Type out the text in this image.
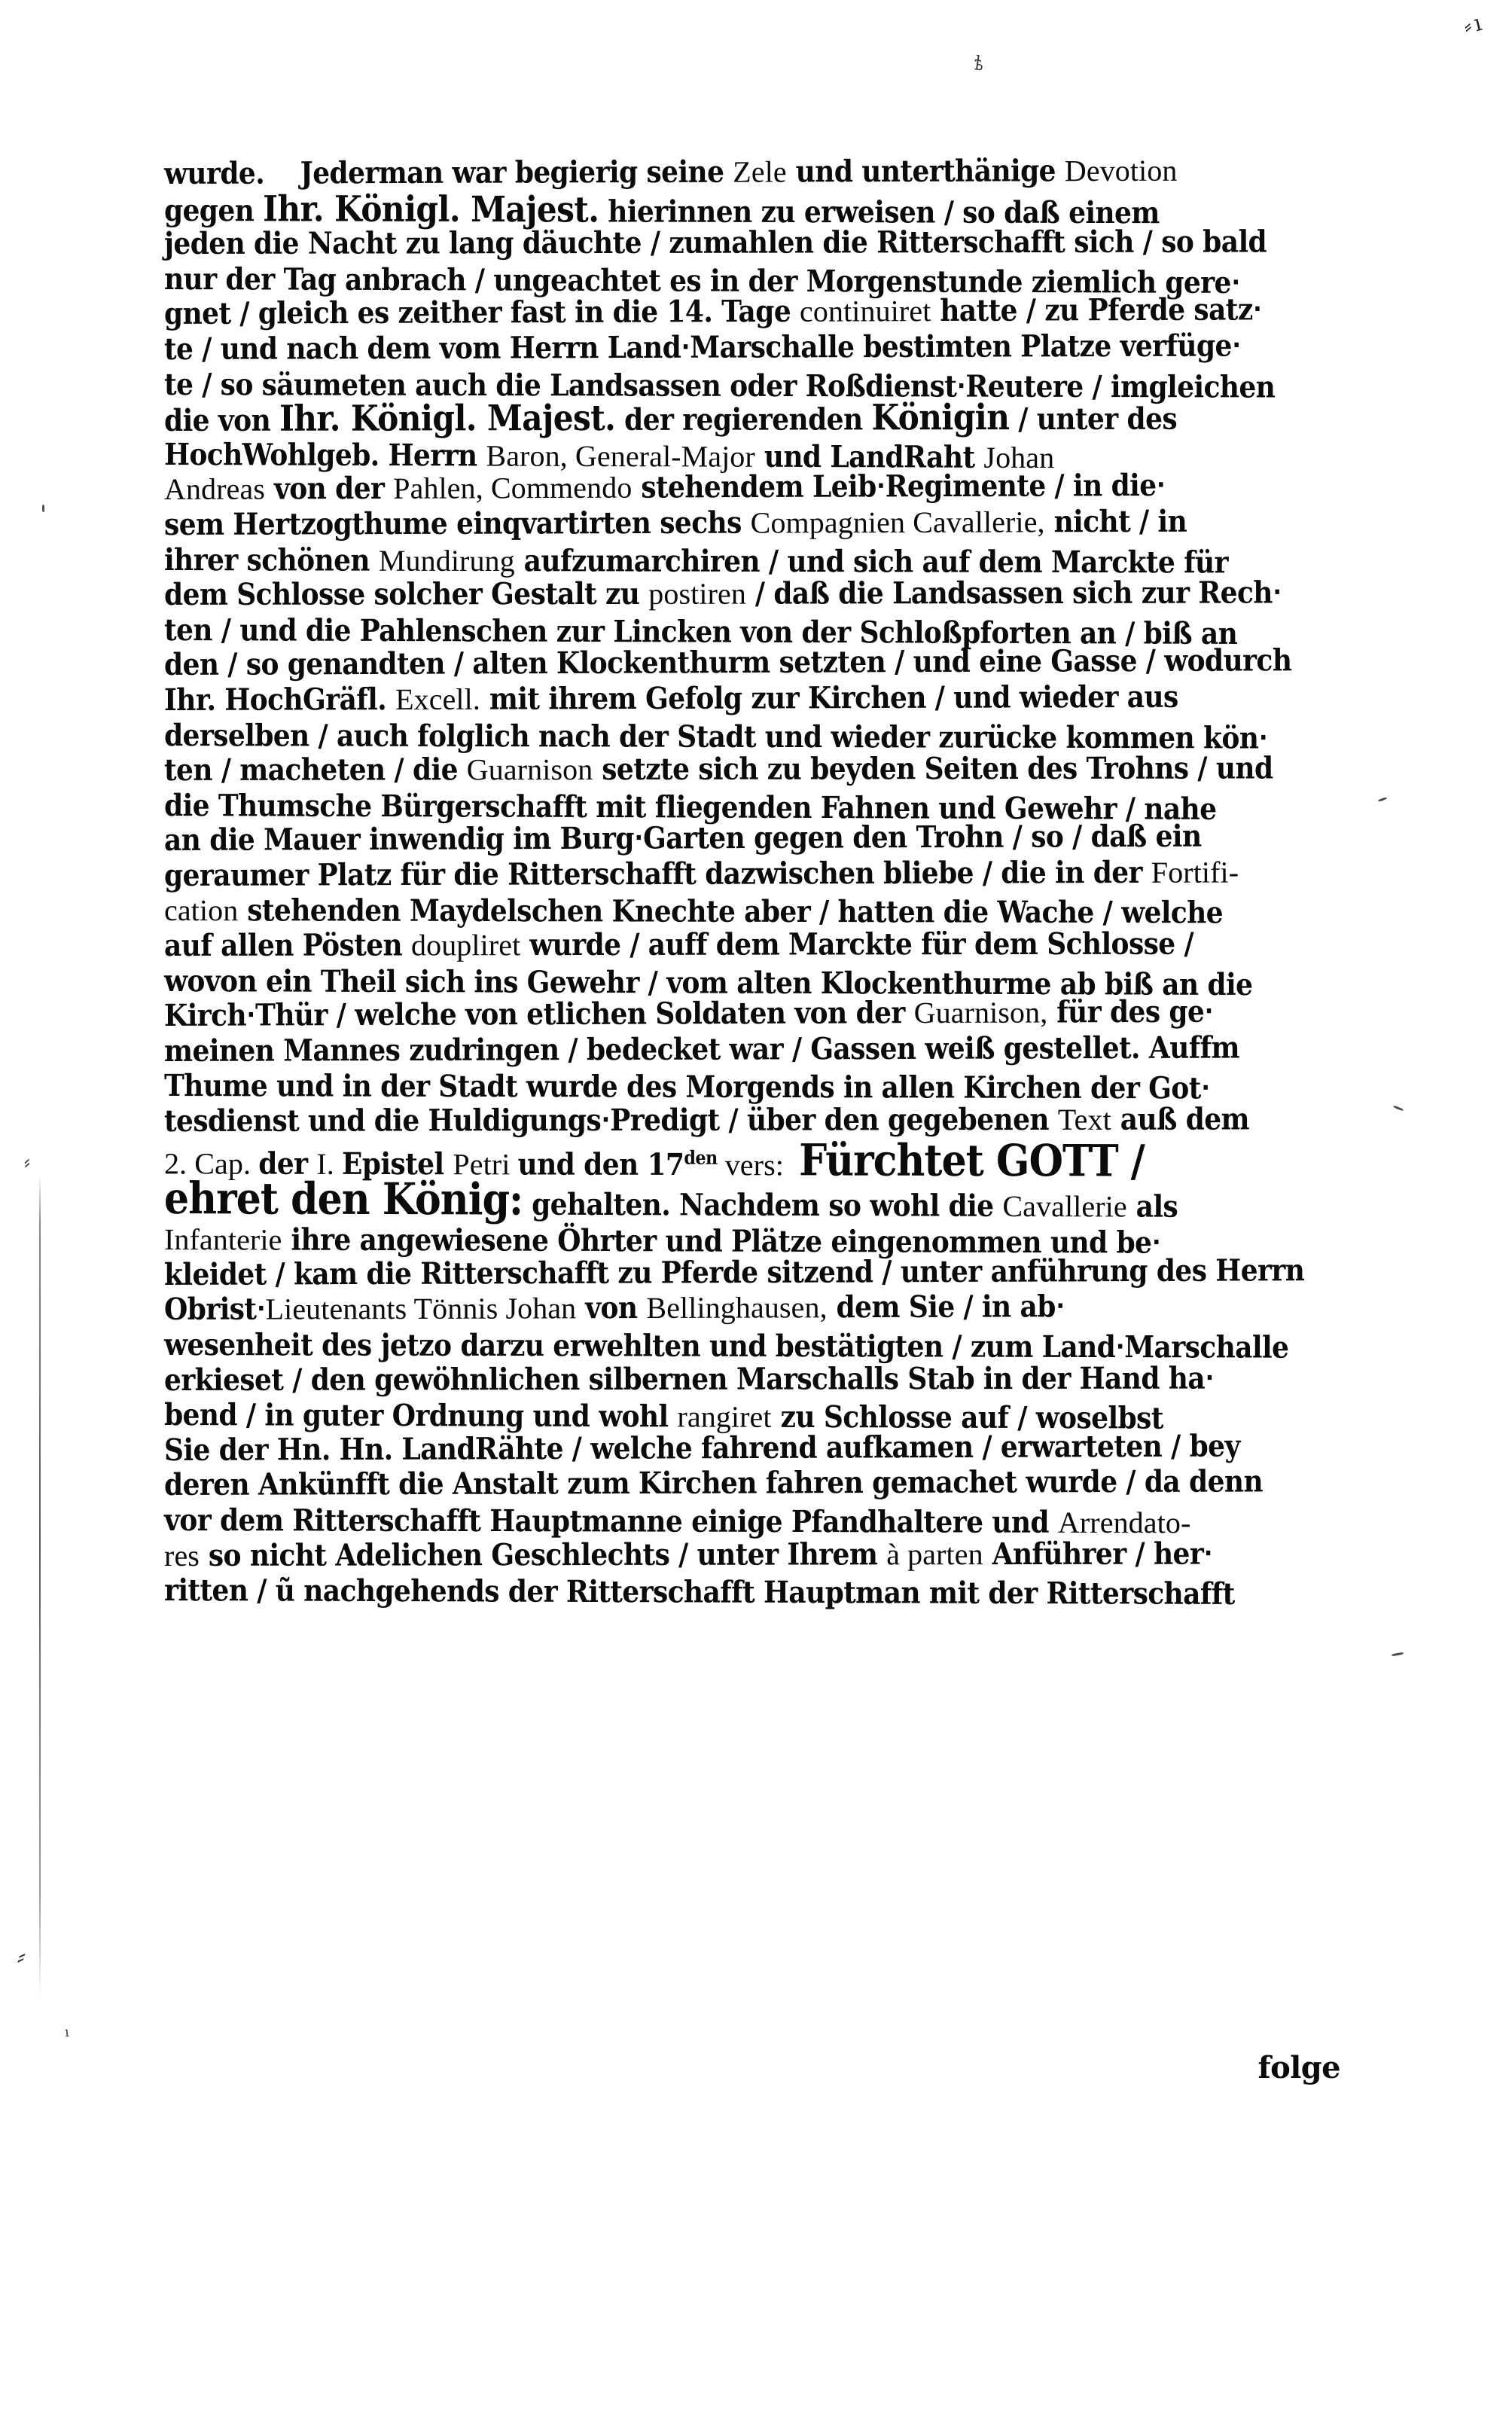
⸗ı
ѣ
⸗
⸗
ı
wurde.    Jederman war begierig seine Zele und unterthänige Devotion
gegen Ihr. Königl. Majest. hierinnen zu erweisen / so daß einem
jeden die Nacht zu lang däuchte / zumahlen die Ritterschafft sich / so bald
nur der Tag anbrach / ungeachtet es in der Morgenstunde ziemlich gere‧
gnet / gleich es zeither fast in die 14. Tage continuiret hatte / zu Pferde satz‧
te / und nach dem vom Herrn Land‧Marschalle bestimten Platze verfüge‧
te / so säumeten auch die Landsassen oder Roßdienst‧Reutere / imgleichen
die von Ihr. Königl. Majest. der regierenden Königin / unter des
HochWohlgeb. Herrn Baron, General-Major und LandRaht Johan
Andreas von der Pahlen, Commendo stehendem Leib‧Regimente / in die‧
sem Hertzogthume einqvartirten sechs Compagnien Cavallerie, nicht / in
ihrer schönen Mundirung aufzumarchiren / und sich auf dem Marckte für
dem Schlosse solcher Gestalt zu postiren / daß die Landsassen sich zur Rech‧
ten / und die Pahlenschen zur Lincken von der Schloßpforten an / biß an
den / so genandten / alten Klockenthurm setzten / und eine Gasse / wodurch
Ihr. HochGräfl. Excell. mit ihrem Gefolg zur Kirchen / und wieder aus
derselben / auch folglich nach der Stadt und wieder zurücke kommen kön‧
ten / macheten / die Guarnison setzte sich zu beyden Seiten des Trohns / und
die Thumsche Bürgerschafft mit fliegenden Fahnen und Gewehr / nahe
an die Mauer inwendig im Burg‧Garten gegen den Trohn / so / daß ein
geraumer Platz für die Ritterschafft dazwischen bliebe / die in der Fortifi-
cation stehenden Maydelschen Knechte aber / hatten die Wache / welche
auf allen Pösten doupliret wurde / auff dem Marckte für dem Schlosse /
wovon ein Theil sich ins Gewehr / vom alten Klockenthurme ab biß an die
Kirch‧Thür / welche von etlichen Soldaten von der Guarnison, für des ge‧
meinen Mannes zudringen / bedecket war / Gassen weiß gestellet. Auffm
Thume und in der Stadt wurde des Morgends in allen Kirchen der Got‧
tesdienst und die Huldigungs‧Predigt / über den gegebenen Text auß dem
2. Cap. der I. Epistel Petri und den $17^{den}$ vers:  Fürchtet GOTT /
ehret den König: gehalten. Nachdem so wohl die Cavallerie als
Infanterie ihre angewiesene Öhrter und Plätze eingenommen und be‧
kleidet / kam die Ritterschafft zu Pferde sitzend / unter anführung des Herrn
Obrist‧Lieutenants Tönnis Johan von Bellinghausen, dem Sie / in ab‧
wesenheit des jetzo darzu erwehlten und bestätigten / zum Land‧Marschalle
erkieset / den gewöhnlichen silbernen Marschalls Stab in der Hand ha‧
bend / in guter Ordnung und wohl rangiret zu Schlosse auf / woselbst
Sie der Hn. Hn. LandRähte / welche fahrend aufkamen / erwarteten / bey
deren Ankünfft die Anstalt zum Kirchen fahren gemachet wurde / da denn
vor dem Ritterschafft Hauptmanne einige Pfandhaltere und Arrendato-
res so nicht Adelichen Geschlechts / unter Ihrem à parten Anführer / her‧
ritten / ũ nachgehends der Ritterschafft Hauptman mit der Ritterschafft
folge
